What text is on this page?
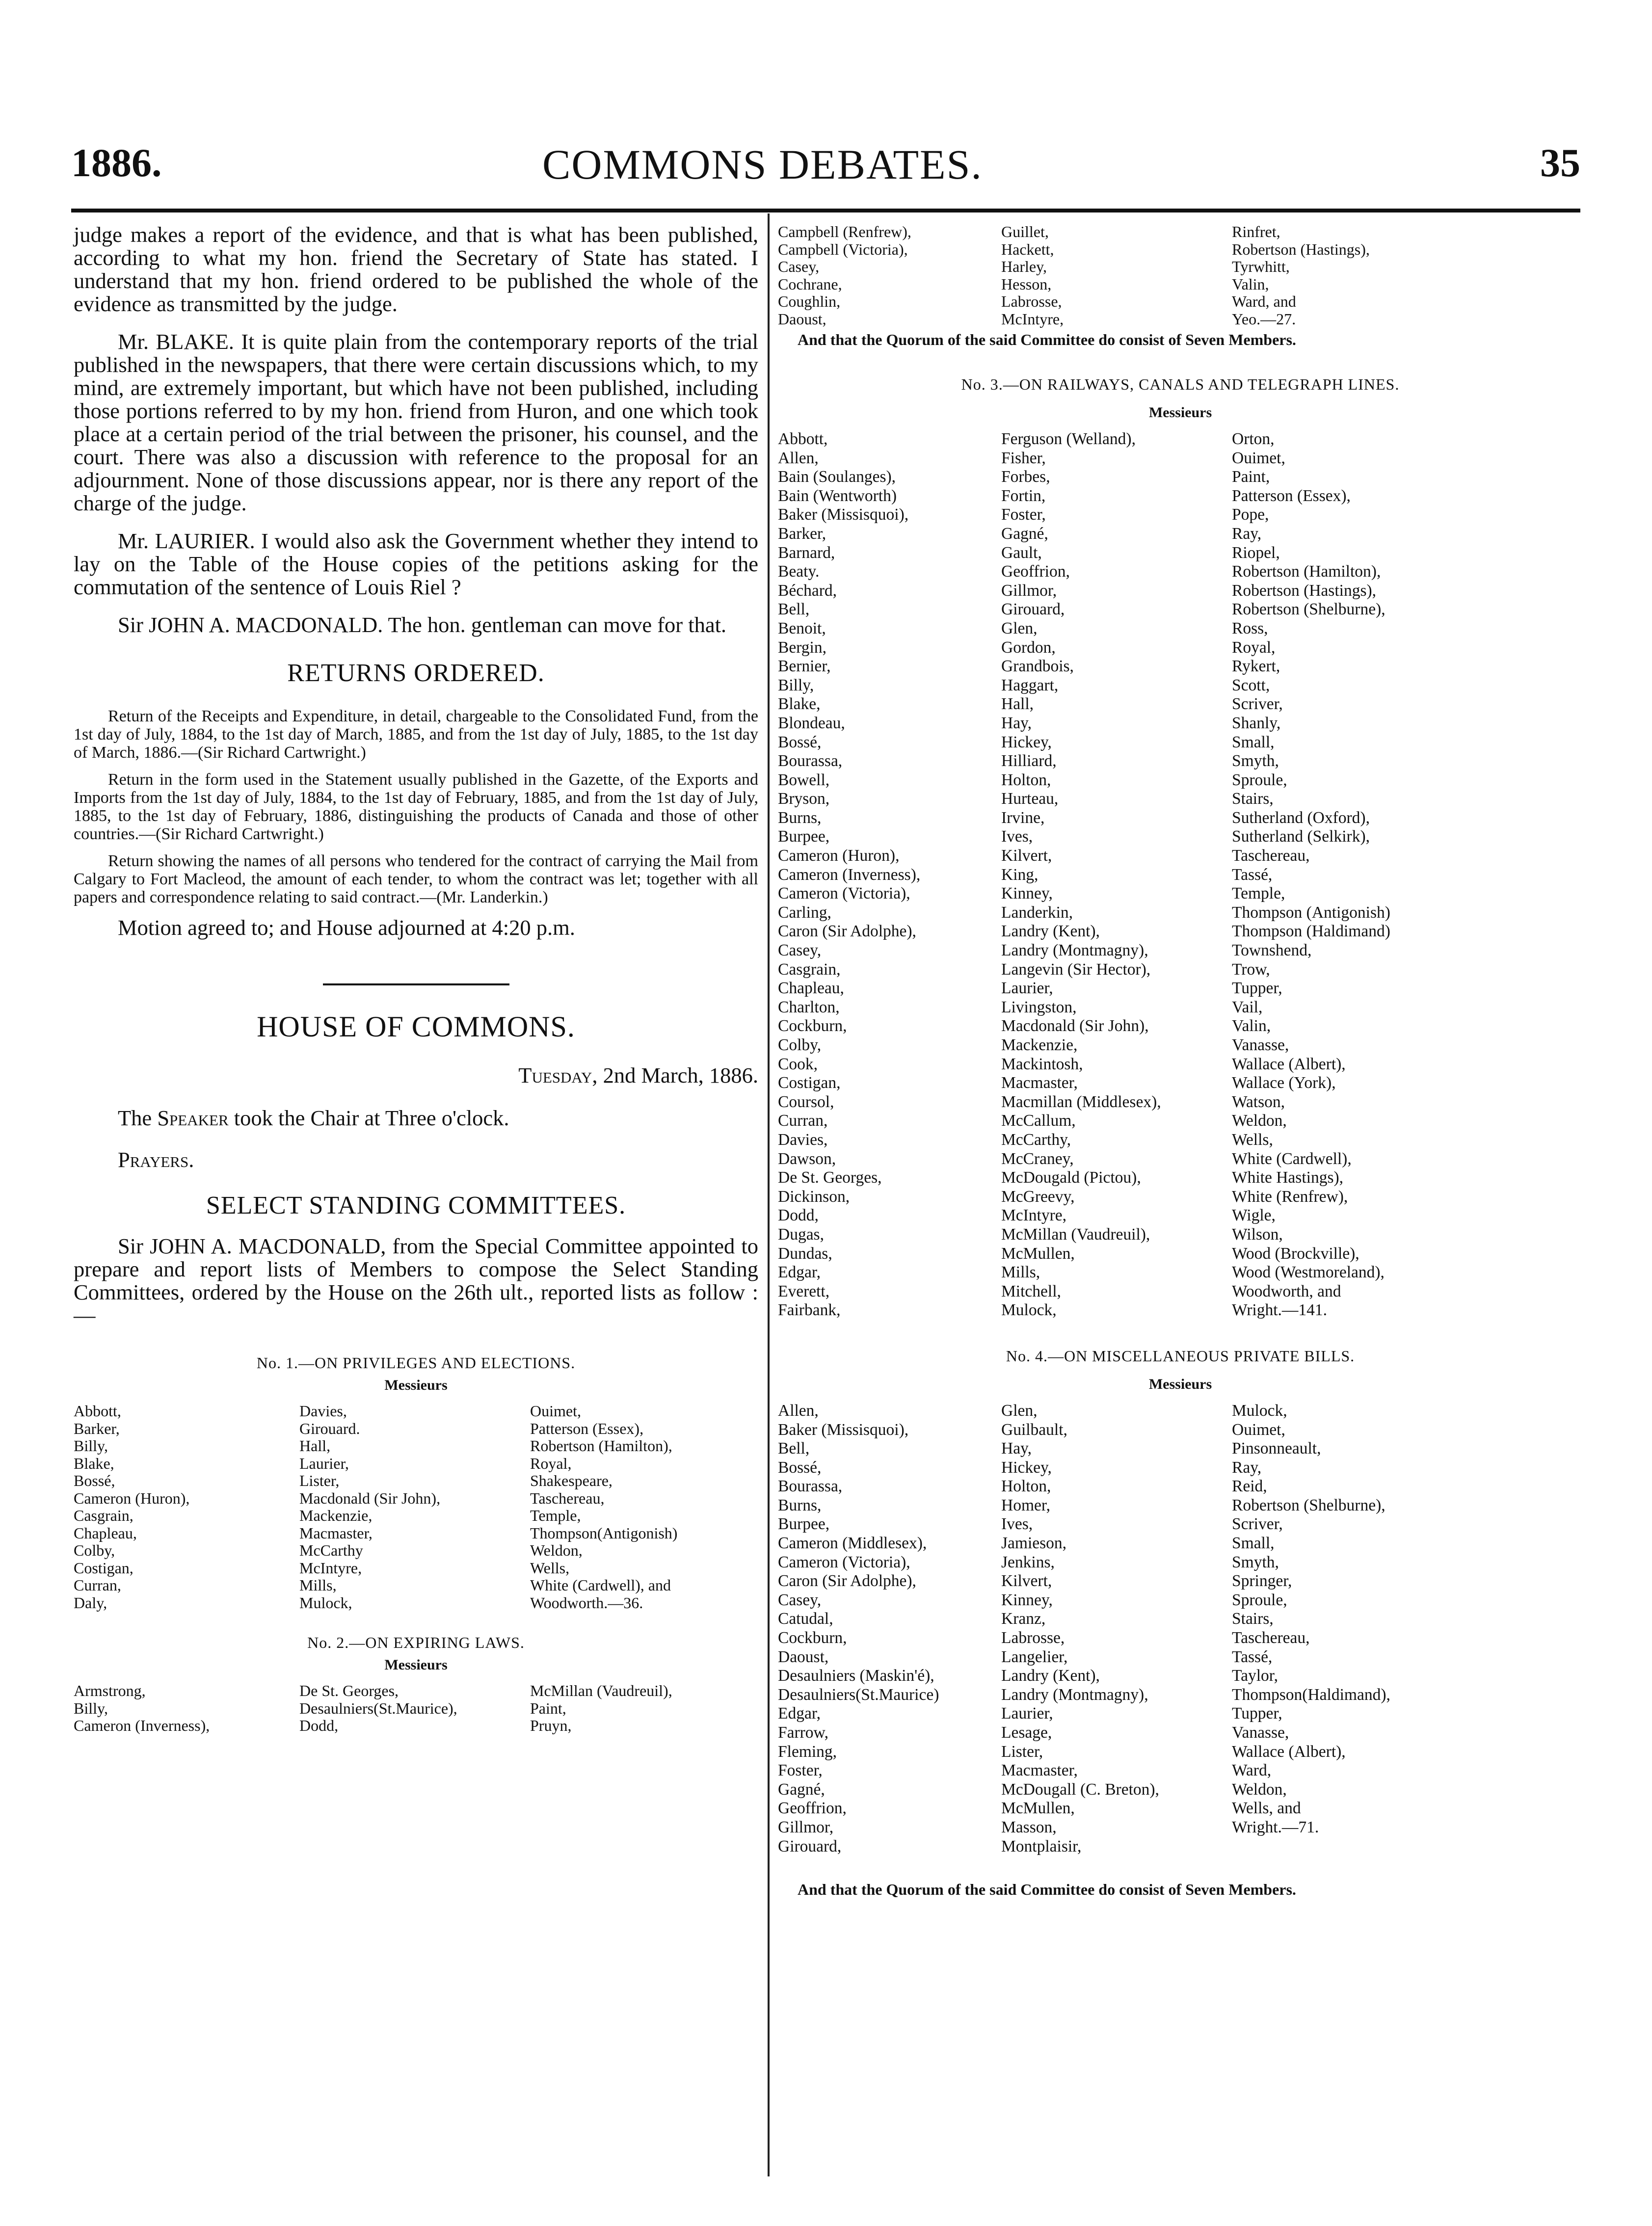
1886.	COMMONS DEBATES.	35

judge makes a report of the evidence, and that is what has been published, according to what my hon. friend the Secretary of State has stated. I understand that my hon. friend ordered to be published the whole of the evidence as transmitted by the judge.

Mr. BLAKE. It is quite plain from the contemporary reports of the trial published in the newspapers, that there were certain discussions which, to my mind, are extremely important, but which have not been published, including those portions referred to by my hon. friend from Huron, and one which took place at a certain period of the trial between the prisoner, his counsel, and the court. There was also a discussion with reference to the proposal for an adjournment. None of those discussions appear, nor is there any report of the charge of the judge.

Mr. LAURIER. I would also ask the Government whether they intend to lay on the Table of the House copies of the petitions asking for the commutation of the sentence of Louis Riel ?

Sir JOHN A. MACDONALD. The hon. gentleman can move for that.

RETURNS ORDERED.

Return of the Receipts and Expenditure, in detail, chargeable to the Consolidated Fund, from the 1st day of July, 1884, to the 1st day of March, 1885, and from the 1st day of July, 1885, to the 1st day of March, 1886.—(Sir Richard Cartwright.)

Return in the form used in the Statement usually published in the Gazette, of the Exports and Imports from the 1st day of July, 1884, to the 1st day of February, 1885, and from the 1st day of July, 1885, to the 1st day of February, 1886, distinguishing the products of Canada and those of other countries.—(Sir Richard Cartwright.)

Return showing the names of all persons who tendered for the contract of carrying the Mail from Calgary to Fort Macleod, the amount of each tender, to whom the contract was let; together with all papers and correspondence relating to said contract.—(Mr. Landerkin.)

Motion agreed to; and House adjourned at 4:20 p.m.

HOUSE OF COMMONS.

Tuesday, 2nd March, 1886.

The Speaker took the Chair at Three o'clock.

Prayers.

SELECT STANDING COMMITTEES.

Sir JOHN A. MACDONALD, from the Special Committee appointed to prepare and report lists of Members to compose the Select Standing Committees, ordered by the House on the 26th ult., reported lists as follow :—

No. 1.—ON PRIVILEGES AND ELECTIONS.

Messieurs

Abbott,
Barker,
Billy,
Blake,
Bossé,
Cameron (Huron),
Casgrain,
Chapleau,
Colby,
Costigan,
Curran,
Daly,
Davies,
Girouard.
Hall,
Laurier,
Lister,
Macdonald (Sir John),
Mackenzie,
Macmaster,
McCarthy
McIntyre,
Mills,
Mulock,
Ouimet,
Patterson (Essex),
Robertson (Hamilton),
Royal,
Shakespeare,
Taschereau,
Temple,
Thompson(Antigonish)
Weldon,
Wells,
White (Cardwell), and
Woodworth.—36.

No. 2.—ON EXPIRING LAWS.

Messieurs

Armstrong,
Billy,
Cameron (Inverness),
De St. Georges,
Desaulniers(St.Maurice),
Dodd,
McMillan (Vaudreuil),
Paint,
Pruyn,
Campbell (Renfrew),
Campbell (Victoria),
Casey,
Cochrane,
Coughlin,
Daoust,
Guillet,
Hackett,
Harley,
Hesson,
Labrosse,
McIntyre,
Rinfret,
Robertson (Hastings),
Tyrwhitt,
Valin,
Ward, and
Yeo.—27.

And that the Quorum of the said Committee do consist of Seven Members.

No. 3.—ON RAILWAYS, CANALS AND TELEGRAPH LINES.

Messieurs

Abbott,
Allen,
Bain (Soulanges),
Bain (Wentworth)
Baker (Missisquoi),
Barker,
Barnard,
Beaty.
Béchard,
Bell,
Benoit,
Bergin,
Bernier,
Billy,
Blake,
Blondeau,
Bossé,
Bourassa,
Bowell,
Bryson,
Burns,
Burpee,
Cameron (Huron),
Cameron (Inverness),
Cameron (Victoria),
Carling,
Caron (Sir Adolphe),
Casey,
Casgrain,
Chapleau,
Charlton,
Cockburn,
Colby,
Cook,
Costigan,
Coursol,
Curran,
Davies,
Dawson,
De St. Georges,
Dickinson,
Dodd,
Dugas,
Dundas,
Edgar,
Everett,
Fairbank,
Ferguson (Welland),
Fisher,
Forbes,
Fortin,
Foster,
Gagné,
Gault,
Geoffrion,
Gillmor,
Girouard,
Glen,
Gordon,
Grandbois,
Haggart,
Hall,
Hay,
Hickey,
Hilliard,
Holton,
Hurteau,
Irvine,
Ives,
Kilvert,
King,
Kinney,
Landerkin,
Landry (Kent),
Landry (Montmagny),
Langevin (Sir Hector),
Laurier,
Livingston,
Macdonald (Sir John),
Mackenzie,
Mackintosh,
Macmaster,
Macmillan (Middlesex),
McCallum,
McCarthy,
McCraney,
McDougald (Pictou),
McGreevy,
McIntyre,
McMillan (Vaudreuil),
McMullen,
Mills,
Mitchell,
Mulock,
Orton,
Ouimet,
Paint,
Patterson (Essex),
Pope,
Ray,
Riopel,
Robertson (Hamilton),
Robertson (Hastings),
Robertson (Shelburne),
Ross,
Royal,
Rykert,
Scott,
Scriver,
Shanly,
Small,
Smyth,
Sproule,
Stairs,
Sutherland (Oxford),
Sutherland (Selkirk),
Taschereau,
Tassé,
Temple,
Thompson (Antigonish)
Thompson (Haldimand)
Townshend,
Trow,
Tupper,
Vail,
Valin,
Vanasse,
Wallace (Albert),
Wallace (York),
Watson,
Weldon,
Wells,
White (Cardwell),
White Hastings),
White (Renfrew),
Wigle,
Wilson,
Wood (Brockville),
Wood (Westmoreland),
Woodworth, and
Wright.—141.

No. 4.—ON MISCELLANEOUS PRIVATE BILLS.

Messieurs

Allen,
Baker (Missisquoi),
Bell,
Bossé,
Bourassa,
Burns,
Burpee,
Cameron (Middlesex),
Cameron (Victoria),
Caron (Sir Adolphe),
Casey,
Catudal,
Cockburn,
Daoust,
Desaulniers (Maskin'é),
Desaulniers(St.Maurice)
Edgar,
Farrow,
Fleming,
Foster,
Gagné,
Geoffrion,
Gillmor,
Girouard,
Glen,
Guilbault,
Hay,
Hickey,
Holton,
Homer,
Ives,
Jamieson,
Jenkins,
Kilvert,
Kinney,
Kranz,
Labrosse,
Langelier,
Landry (Kent),
Landry (Montmagny),
Laurier,
Lesage,
Lister,
Macmaster,
McDougall (C. Breton),
McMullen,
Masson,
Montplaisir,
Mulock,
Ouimet,
Pinsonneault,
Ray,
Reid,
Robertson (Shelburne),
Scriver,
Small,
Smyth,
Springer,
Sproule,
Stairs,
Taschereau,
Tassé,
Taylor,
Thompson(Haldimand),
Tupper,
Vanasse,
Wallace (Albert),
Ward,
Weldon,
Wells, and
Wright.—71.

And that the Quorum of the said Committee do consist of Seven Members.
